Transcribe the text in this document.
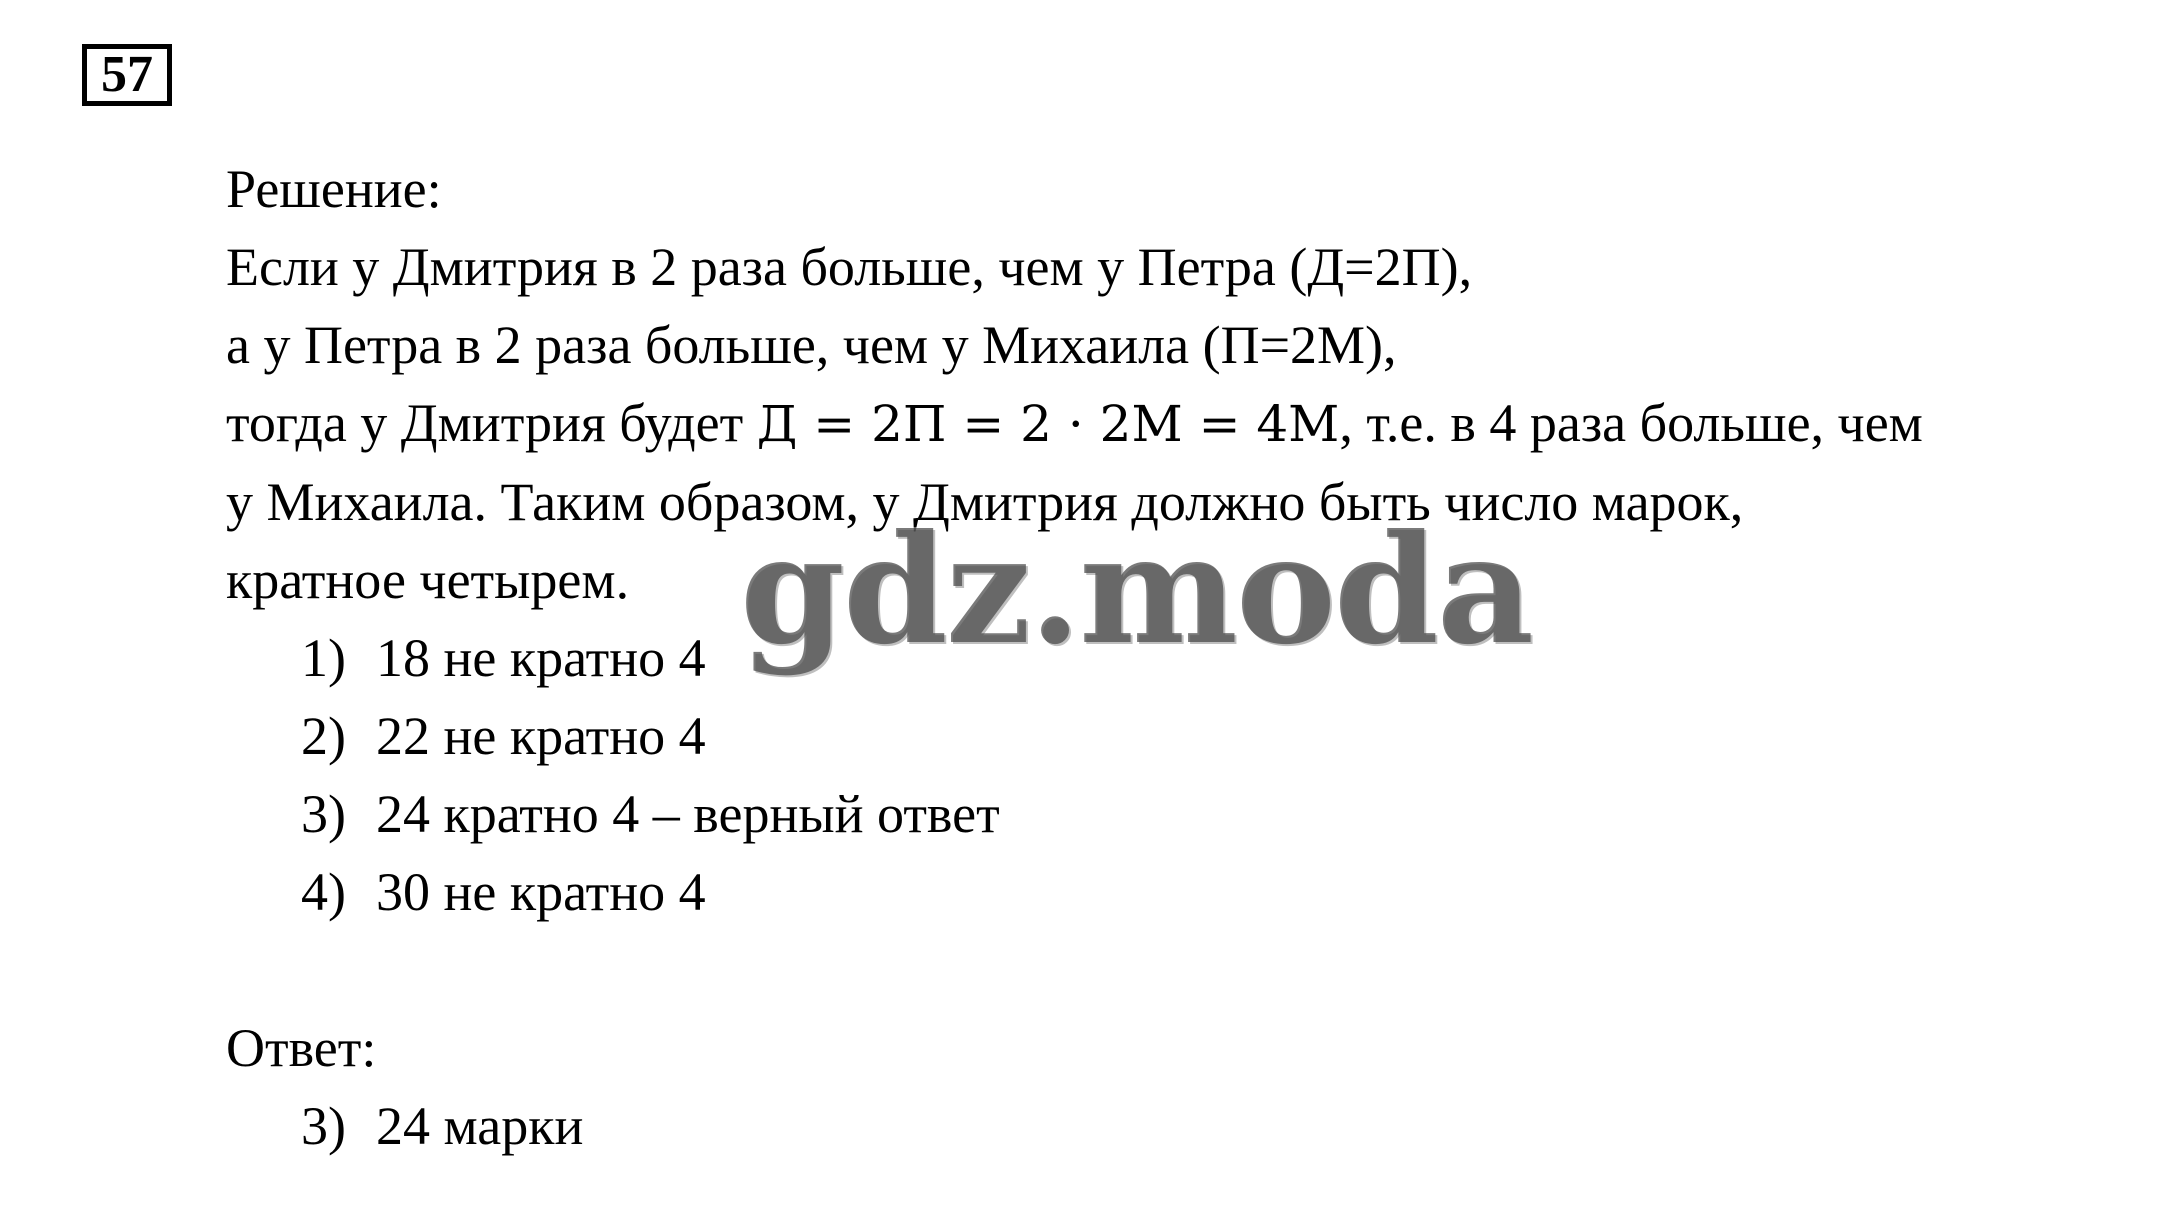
57
Решение:
Если у Дмитрия в 2 раза больше, чем у Петра (Д=2П),
а у Петра в 2 раза больше, чем у Михаила (П=2М),
тогда у Дмитрия будет Д = 2П = 2 · 2М = 4М, т.е. в 4 раза больше, чем
у Михаила. Таким образом, у Дмитрия должно быть число марок,
кратное четырем.
1) 18 не кратно 4
2) 22 не кратно 4
3) 24 кратно 4 – верный ответ
4) 30 не кратно 4
Ответ:
3) 24 марки
gdz.moda
